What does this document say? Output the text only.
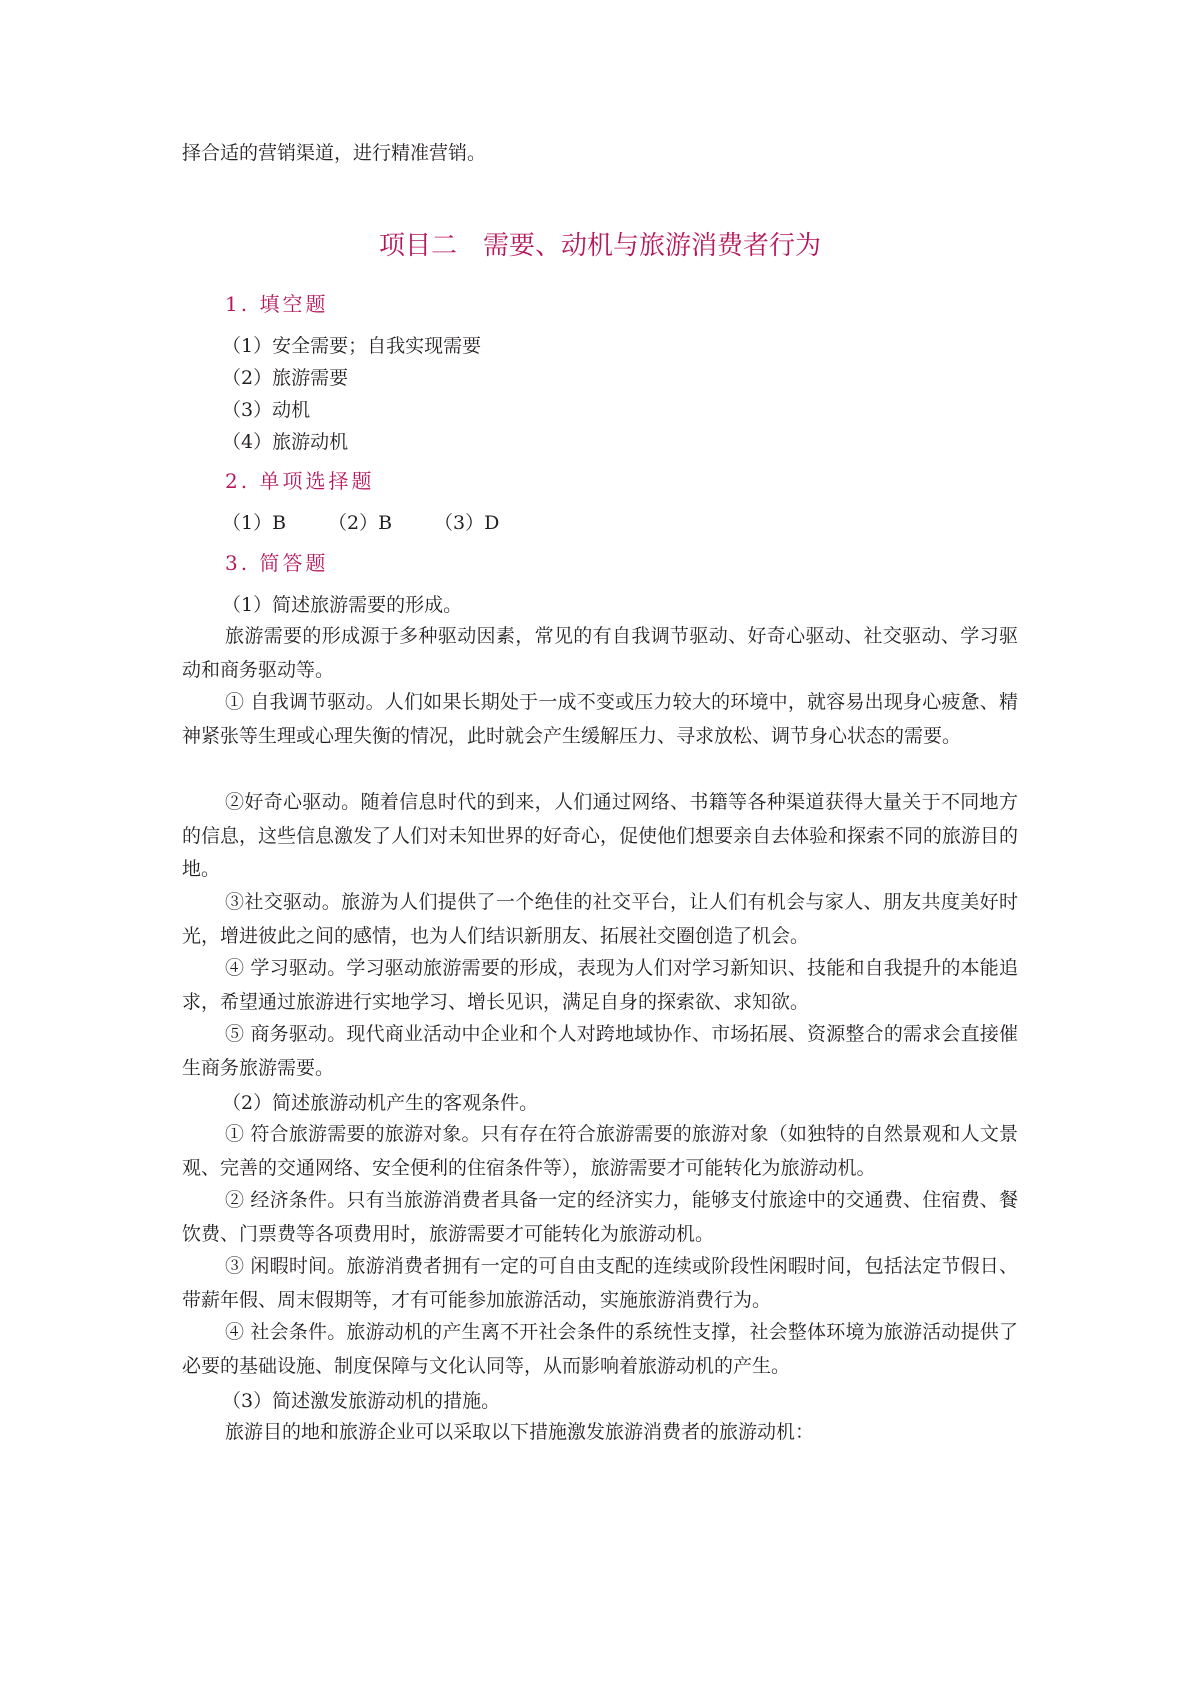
择合适的营销渠道，进行精准营销。
项目二　需要、动机与旅游消费者行为
1. 填空题
（1）安全需要；自我实现需要
（2）旅游需要
（3）动机
（4）旅游动机
2. 单项选择题
（1）B （2）B （3）D
3. 简答题
（1）简述旅游需要的形成。
旅游需要的形成源于多种驱动因素，常见的有自我调节驱动、好奇心驱动、社交驱动、学习驱动和商务驱动等。
① 自我调节驱动。人们如果长期处于一成不变或压力较大的环境中，就容易出现身心疲惫、精神紧张等生理或心理失衡的情况，此时就会产生缓解压力、寻求放松、调节身心状态的需要。
②好奇心驱动。随着信息时代的到来，人们通过网络、书籍等各种渠道获得大量关于不同地方的信息，这些信息激发了人们对未知世界的好奇心，促使他们想要亲自去体验和探索不同的旅游目的地。
③社交驱动。旅游为人们提供了一个绝佳的社交平台，让人们有机会与家人、朋友共度美好时光，增进彼此之间的感情，也为人们结识新朋友、拓展社交圈创造了机会。
④ 学习驱动。学习驱动旅游需要的形成，表现为人们对学习新知识、技能和自我提升的本能追求，希望通过旅游进行实地学习、增长见识，满足自身的探索欲、求知欲。
⑤ 商务驱动。现代商业活动中企业和个人对跨地域协作、市场拓展、资源整合的需求会直接催生商务旅游需要。
（2）简述旅游动机产生的客观条件。
① 符合旅游需要的旅游对象。只有存在符合旅游需要的旅游对象（如独特的自然景观和人文景观、完善的交通网络、安全便利的住宿条件等），旅游需要才可能转化为旅游动机。
② 经济条件。只有当旅游消费者具备一定的经济实力，能够支付旅途中的交通费、住宿费、餐饮费、门票费等各项费用时，旅游需要才可能转化为旅游动机。
③ 闲暇时间。旅游消费者拥有一定的可自由支配的连续或阶段性闲暇时间，包括法定节假日、带薪年假、周末假期等，才有可能参加旅游活动，实施旅游消费行为。
④ 社会条件。旅游动机的产生离不开社会条件的系统性支撑，社会整体环境为旅游活动提供了必要的基础设施、制度保障与文化认同等，从而影响着旅游动机的产生。
（3）简述激发旅游动机的措施。
旅游目的地和旅游企业可以采取以下措施激发旅游消费者的旅游动机：
